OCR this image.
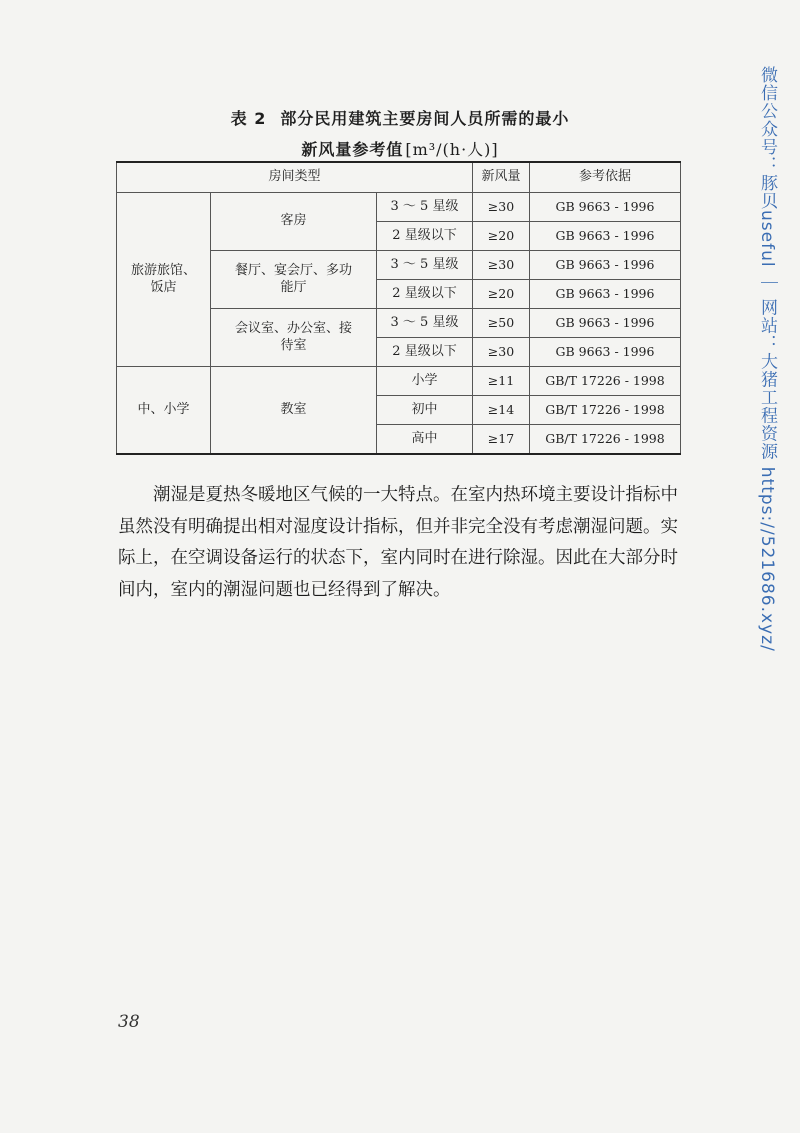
表 2 部分民用建筑主要房间人员所需的最小
新风量参考值 [m³/(h·人)]
房间类型			新风量	参考依据
旅游旅馆、饭店	客房	3 ～ 5 星级	≥30	GB 9663 - 1996
		2 星级以下	≥20	GB 9663 - 1996
	餐厅、宴会厅、多功能厅	3 ～ 5 星级	≥30	GB 9663 - 1996
		2 星级以下	≥20	GB 9663 - 1996
	会议室、办公室、接待室	3 ～ 5 星级	≥50	GB 9663 - 1996
		2 星级以下	≥30	GB 9663 - 1996
中、小学	教室	小学	≥11	GB/T 17226 - 1998
		初中	≥14	GB/T 17226 - 1998
		高中	≥17	GB/T 17226 - 1998
潮湿是夏热冬暖地区气候的一大特点。在室内热环境主要设计指标中虽然没有明确提出相对湿度设计指标，但并非完全没有考虑潮湿问题。实际上，在空调设备运行的状态下，室内同时在进行除湿。因此在大部分时间内，室内的潮湿问题也已经得到了解决。
38
微信公众号：豚贝useful ｜ 网站：大猪工程资源 https://521686.xyz/
